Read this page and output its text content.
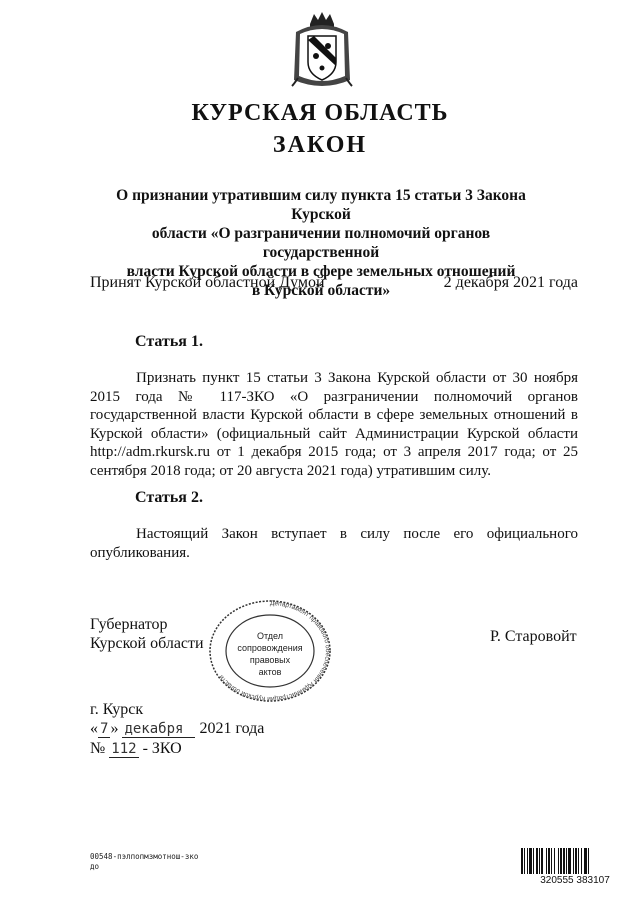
КУРСКАЯ ОБЛАСТЬ
ЗАКОН
О признании утратившим силу пункта 15 статьи 3 Закона Курской
области «О разграничении полномочий органов государственной
власти Курской области в сфере земельных отношений
в Курской области»
Принят Курской областной Думой	2 декабря 2021 года
Статья 1.

Признать пункт 15 статьи 3 Закона Курской области от 30 ноября 2015 года № 117-ЗКО «О разграничении полномочий органов государственной власти Курской области в сфере земельных отношений в Курской области» (официальный сайт Администрации Курской области http://adm.rkursk.ru от 1 декабря 2015 года; от 3 апреля 2017 года; от 25 сентября 2018 года; от 20 августа 2021 года) утратившим силу.

Статья 2.

Настоящий Закон вступает в силу после его официального опубликования.

Губернатор
Курской области
Департамент правового обеспечения Администрации Курской области
Отдел
сопровождения
правовых
актов
Р. Старовойт
г. Курск
« 7 » декабря 2021 года
№ 112 - ЗКО
00548-пэлпопмзмотнош-зко
до
320555 383107
